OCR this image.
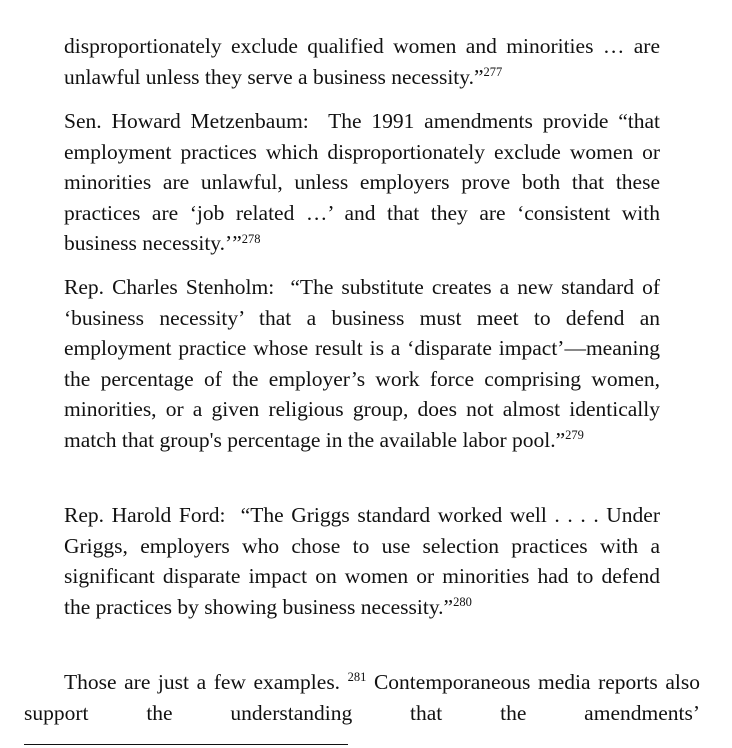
disproportionately exclude qualified women and minorities … are unlawful unless they serve a business necessity.”$^{277}$

Sen. Howard Metzenbaum: The 1991 amendments provide “that employment practices which disproportionately exclude women or minorities are unlawful, unless employers prove both that these practices are ‘job related …’ and that they are ‘consistent with business necessity.’”$^{278}$

Rep. Charles Stenholm: “The substitute creates a new standard of ‘business necessity’ that a business must meet to defend an employment practice whose result is a ‘disparate impact’—meaning the percentage of the employer’s work force comprising women, minorities, or a given religious group, does not almost identically match that group's percentage in the available labor pool.”$^{279}$

Rep. Harold Ford: “The Griggs standard worked well . . . . Under Griggs, employers who chose to use selection practices with a significant disparate impact on women or minorities had to defend the practices by showing business necessity.”$^{280}$

Those are just a few examples. $^{281}$ Contemporaneous media reports also support the understanding that the amendments’
